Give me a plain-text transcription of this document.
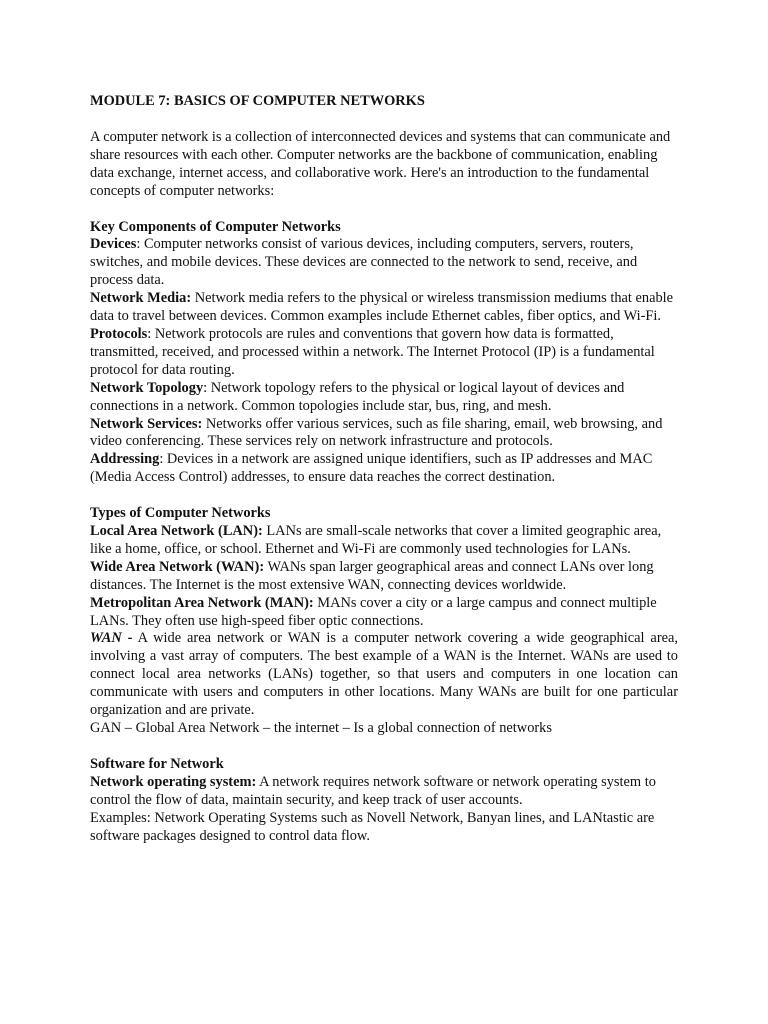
MODULE 7: BASICS OF COMPUTER NETWORKS

A computer network is a collection of interconnected devices and systems that can communicate and share resources with each other. Computer networks are the backbone of communication, enabling data exchange, internet access, and collaborative work. Here's an introduction to the fundamental concepts of computer networks:

Key Components of Computer Networks

Devices: Computer networks consist of various devices, including computers, servers, routers, switches, and mobile devices. These devices are connected to the network to send, receive, and process data.

Network Media: Network media refers to the physical or wireless transmission mediums that enable data to travel between devices. Common examples include Ethernet cables, fiber optics, and Wi-Fi.

Protocols: Network protocols are rules and conventions that govern how data is formatted, transmitted, received, and processed within a network. The Internet Protocol (IP) is a fundamental protocol for data routing.

Network Topology: Network topology refers to the physical or logical layout of devices and connections in a network. Common topologies include star, bus, ring, and mesh.

Network Services: Networks offer various services, such as file sharing, email, web browsing, and video conferencing. These services rely on network infrastructure and protocols.

Addressing: Devices in a network are assigned unique identifiers, such as IP addresses and MAC (Media Access Control) addresses, to ensure data reaches the correct destination.

Types of Computer Networks

Local Area Network (LAN): LANs are small-scale networks that cover a limited geographic area, like a home, office, or school. Ethernet and Wi-Fi are commonly used technologies for LANs.

Wide Area Network (WAN): WANs span larger geographical areas and connect LANs over long distances. The Internet is the most extensive WAN, connecting devices worldwide.

Metropolitan Area Network (MAN): MANs cover a city or a large campus and connect multiple LANs. They often use high-speed fiber optic connections.

WAN - A wide area network or WAN is a computer network covering a wide geographical area, involving a vast array of computers. The best example of a WAN is the Internet. WANs are used to connect local area networks (LANs) together, so that users and computers in one location can communicate with users and computers in other locations. Many WANs are built for one particular organization and are private.

GAN – Global Area Network – the internet – Is a global connection of networks

Software for Network

Network operating system: A network requires network software or network operating system to control the flow of data, maintain security, and keep track of user accounts.

Examples: Network Operating Systems such as Novell Network, Banyan lines, and LANtastic are software packages designed to control data flow.
